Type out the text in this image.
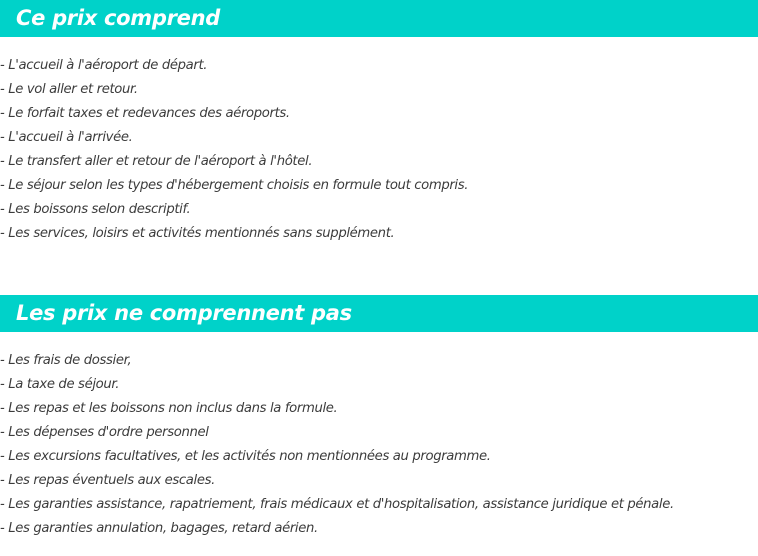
Ce prix comprend
- L'accueil à l'aéroport de départ.
- Le vol aller et retour.
- Le forfait taxes et redevances des aéroports.
- L'accueil à l'arrivée.
- Le transfert aller et retour de l'aéroport à l'hôtel.
- Le séjour selon les types d'hébergement choisis en formule tout compris.
- Les boissons selon descriptif.
- Les services, loisirs et activités mentionnés sans supplément.
Les prix ne comprennent pas
- Les frais de dossier,
- La taxe de séjour.
- Les repas et les boissons non inclus dans la formule.
- Les dépenses d'ordre personnel
- Les excursions facultatives, et les activités non mentionnées au programme.
- Les repas éventuels aux escales.
- Les garanties assistance, rapatriement, frais médicaux et d'hospitalisation, assistance juridique et pénale.
- Les garanties annulation, bagages, retard aérien.
